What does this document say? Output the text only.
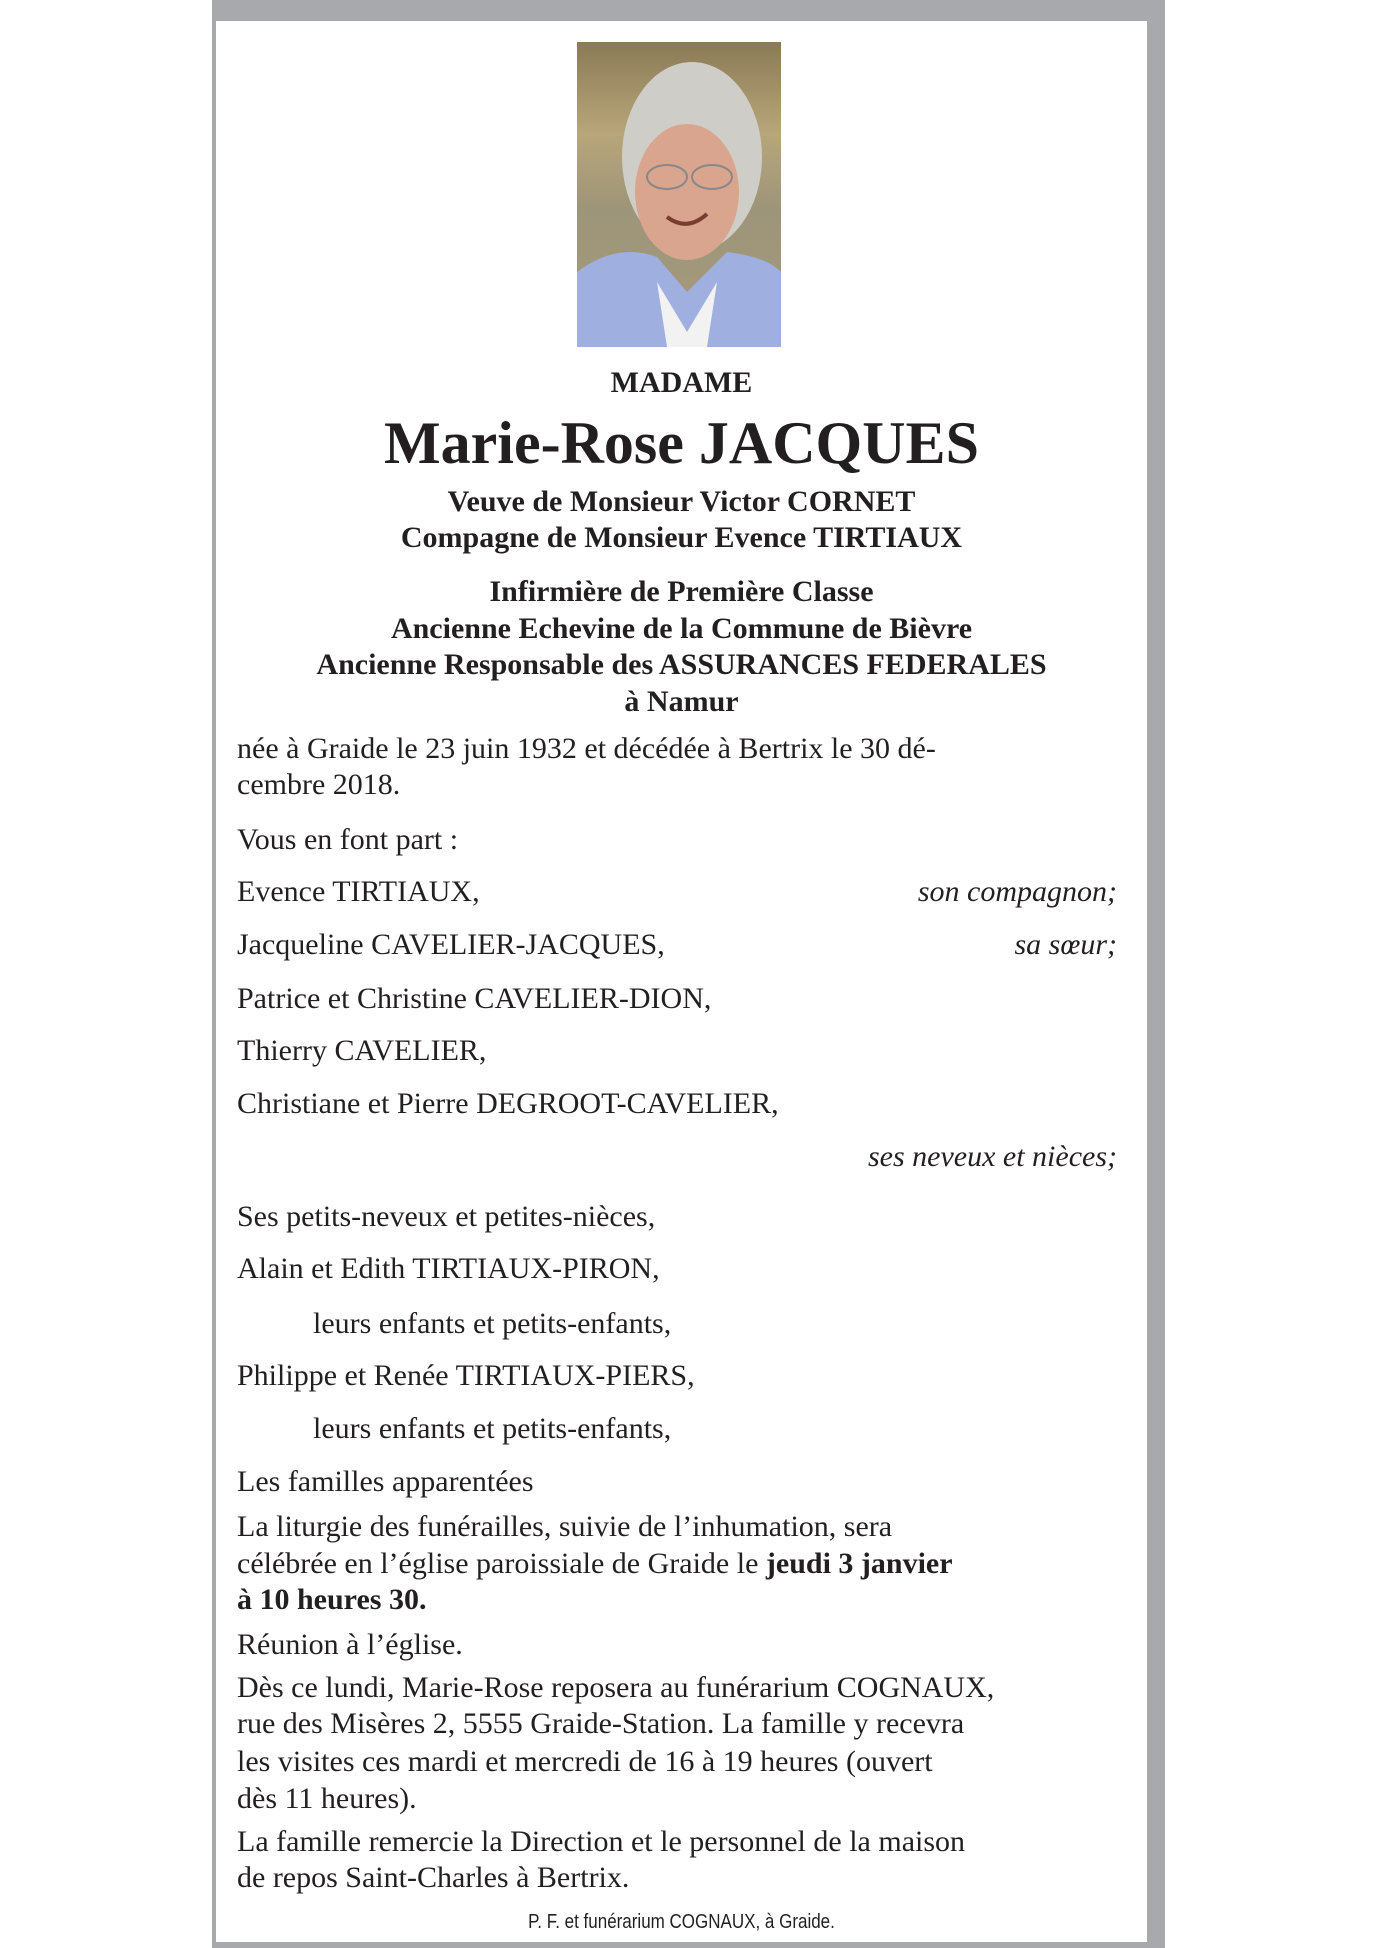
MADAME
Marie-Rose JACQUES
Veuve de Monsieur Victor CORNET
Compagne de Monsieur Evence TIRTIAUX
Infirmière de Première Classe
Ancienne Echevine de la Commune de Bièvre
Ancienne Responsable des ASSURANCES FEDERALES
à Namur
née à Graide le 23 juin 1932 et décédée à Bertrix le 30 dé-
cembre 2018.
Vous en font part :
Evence TIRTIAUX,	son compagnon;
Jacqueline CAVELIER-JACQUES,	sa sœur;
Patrice et Christine CAVELIER-DION,
Thierry CAVELIER,
Christiane et Pierre DEGROOT-CAVELIER,
ses neveux et nièces;
Ses petits-neveux et petites-nièces,
Alain et Edith TIRTIAUX-PIRON,
leurs enfants et petits-enfants,
Philippe et Renée TIRTIAUX-PIERS,
leurs enfants et petits-enfants,
Les familles apparentées
La liturgie des funérailles, suivie de l’inhumation, sera
célébrée en l’église paroissiale de Graide le jeudi 3 janvier
à 10 heures 30.
Réunion à l’église.
Dès ce lundi, Marie-Rose reposera au funérarium COGNAUX,
rue des Misères 2, 5555 Graide-Station. La famille y recevra
les visites ces mardi et mercredi de 16 à 19 heures (ouvert
dès 11 heures).
La famille remercie la Direction et le personnel de la maison
de repos Saint-Charles à Bertrix.
P. F. et funérarium COGNAUX, à Graide.
